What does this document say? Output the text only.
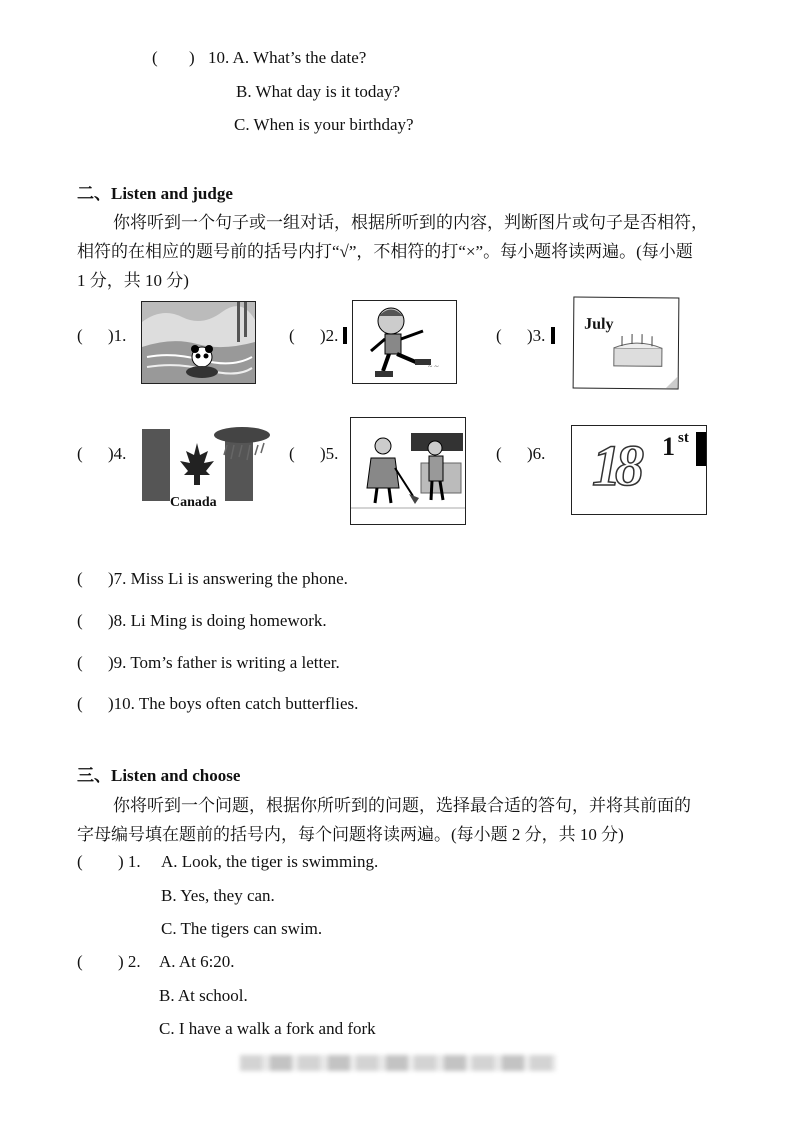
( ) 10. A. What’s the date?
B. What day is it today?
C. When is your birthday?
二、Listen and judge
你将听到一个句子或一组对话，根据所听到的内容，判断图片或句子是否相符，
相符的在相应的题号前的括号内打“√”，不相符的打“×”。每小题将读两遍。(每小题
1 分，共 10 分)
( )1.	( )2.	( )3.
~ ~
July
( )4.	( )5.	( )6.
Canada
18 1 st
( )7. Miss Li is answering the phone.
( )8. Li Ming is doing homework.
( )9. Tom’s father is writing a letter.
( )10. The boys often catch butterflies.
三、Listen and choose
你将听到一个问题，根据你所听到的问题，选择最合适的答句，并将其前面的
字母编号填在题前的括号内，每个问题将读两遍。(每小题 2 分，共 10 分)
( ) 1. A. Look, the tiger is swimming.
B. Yes, they can.
C. The tigers can swim.
( ) 2. A. At 6:20.
B. At school.
C. I have a walk a fork and fork
